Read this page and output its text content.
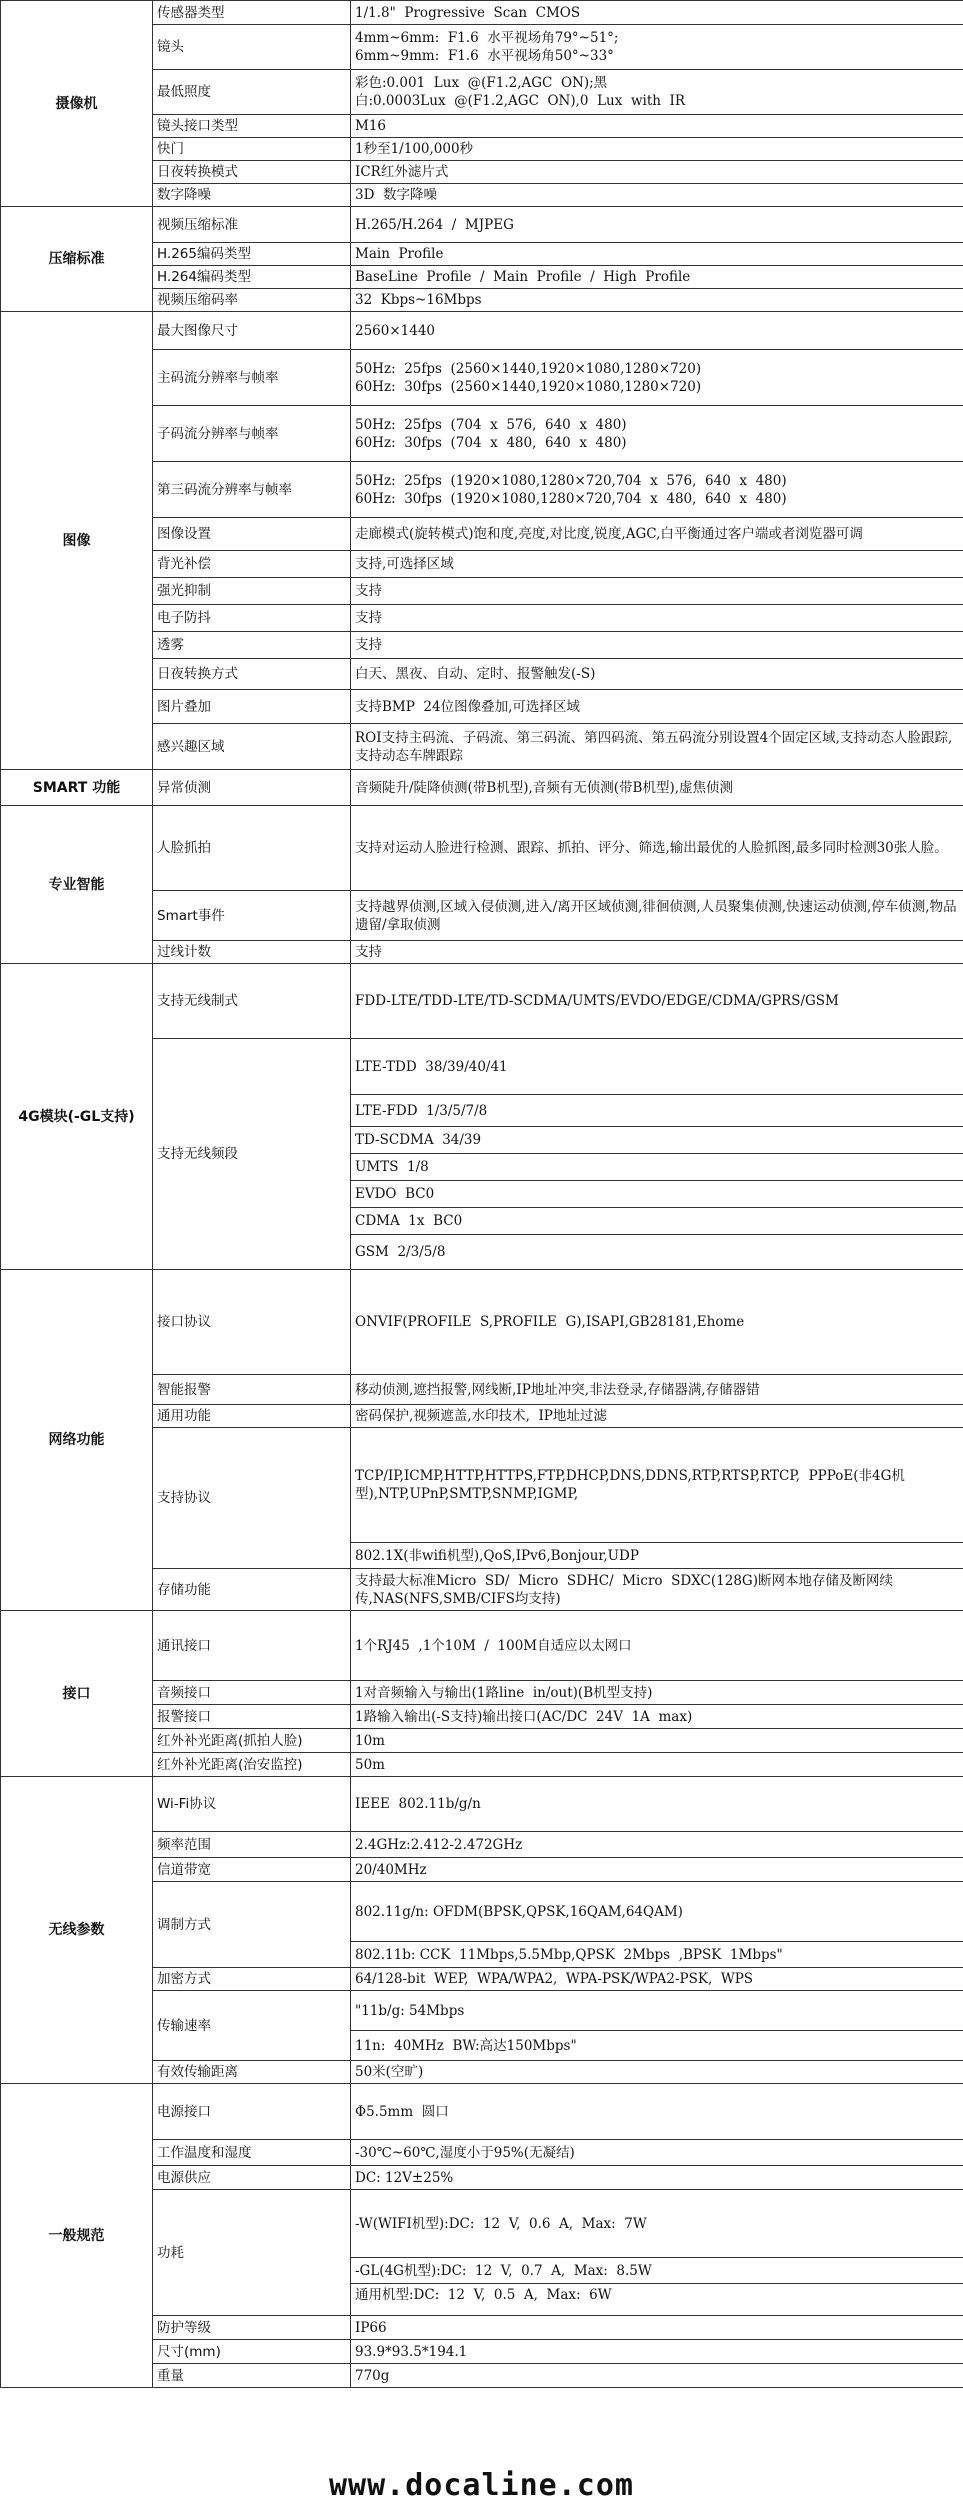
摄像机	传感器类型	1/1.8"  Progressive  Scan  CMOS
	镜头	4mm~6mm:  F1.6  水平视场角79°~51°;
6mm~9mm:  F1.6  水平视场角50°~33°
	最低照度	彩色:0.001  Lux  @(F1.2,AGC  ON);黑
白:0.0003Lux  @(F1.2,AGC  ON),0  Lux  with  IR
	镜头接口类型	M16
	快门	1秒至1/100,000秒
	日夜转换模式	ICR红外滤片式
	数字降噪	3D  数字降噪
压缩标准	视频压缩标准	H.265/H.264  /  MJPEG
	H.265编码类型	Main  Profile
	H.264编码类型	BaseLine  Profile  /  Main  Profile  /  High  Profile
	视频压缩码率	32  Kbps~16Mbps
图像	最大图像尺寸	2560×1440
	主码流分辨率与帧率	50Hz:  25fps  (2560×1440,1920×1080,1280×720)
60Hz:  30fps  (2560×1440,1920×1080,1280×720)
	子码流分辨率与帧率	50Hz:  25fps  (704  x  576,  640  x  480)
60Hz:  30fps  (704  x  480,  640  x  480)
	第三码流分辨率与帧率	50Hz:  25fps  (1920×1080,1280×720,704  x  576,  640  x  480)
60Hz:  30fps  (1920×1080,1280×720,704  x  480,  640  x  480)
	图像设置	走廊模式(旋转模式)饱和度,亮度,对比度,锐度,AGC,白平衡通过客户端或者浏览器可调
	背光补偿	支持,可选择区域
	强光抑制	支持
	电子防抖	支持
	透雾	支持
	日夜转换方式	白天、黑夜、自动、定时、报警触发(-S)
	图片叠加	支持BMP  24位图像叠加,可选择区域
	感兴趣区域	ROI支持主码流、子码流、第三码流、第四码流、第五码流分别设置4个固定区域,支持动态人脸跟踪,支持动态车牌跟踪
SMART 功能	异常侦测	音频陡升/陡降侦测(带B机型),音频有无侦测(带B机型),虚焦侦测
专业智能	人脸抓拍	支持对运动人脸进行检测、跟踪、抓拍、评分、筛选,输出最优的人脸抓图,最多同时检测30张人脸。
	Smart事件	支持越界侦测,区域入侵侦测,进入/离开区域侦测,徘徊侦测,人员聚集侦测,快速运动侦测,停车侦测,物品遗留/拿取侦测
	过线计数	支持
4G模块(-GL支持)	支持无线制式	FDD-LTE/TDD-LTE/TD-SCDMA/UMTS/EVDO/EDGE/CDMA/GPRS/GSM
	支持无线频段	LTE-TDD  38/39/40/41
		LTE-FDD  1/3/5/7/8
		TD-SCDMA  34/39
		UMTS  1/8
		EVDO  BC0
		CDMA  1x  BC0
		GSM  2/3/5/8
网络功能	接口协议	ONVIF(PROFILE  S,PROFILE  G),ISAPI,GB28181,Ehome
	智能报警	移动侦测,遮挡报警,网线断,IP地址冲突,非法登录,存储器满,存储器错
	通用功能	密码保护,视频遮盖,水印技术,  IP地址过滤
	支持协议	TCP/IP,ICMP,HTTP,HTTPS,FTP,DHCP,DNS,DDNS,RTP,RTSP,RTCP,  PPPoE(非4G机型),NTP,UPnP,SMTP,SNMP,IGMP,
		802.1X(非wifi机型),QoS,IPv6,Bonjour,UDP
	存储功能	支持最大标准Micro  SD/  Micro  SDHC/  Micro  SDXC(128G)断网本地存储及断网续传,NAS(NFS,SMB/CIFS均支持)
接口	通讯接口	1个RJ45  ,1个10M  /  100M自适应以太网口
	音频接口	1对音频输入与输出(1路line  in/out)(B机型支持)
	报警接口	1路输入输出(-S支持)输出接口(AC/DC  24V  1A  max)
	红外补光距离(抓拍人脸)	10m
	红外补光距离(治安监控)	50m
无线参数	Wi-Fi协议	IEEE  802.11b/g/n
	频率范围	2.4GHz:2.412-2.472GHz
	信道带宽	20/40MHz
	调制方式	802.11g/n: OFDM(BPSK,QPSK,16QAM,64QAM)
		802.11b: CCK  11Mbps,5.5Mbp,QPSK  2Mbps  ,BPSK  1Mbps"
	加密方式	64/128-bit  WEP,  WPA/WPA2,  WPA-PSK/WPA2-PSK,  WPS
	传输速率	"11b/g: 54Mbps
		11n:  40MHz  BW:高达150Mbps"
	有效传输距离	50米(空旷)
一般规范	电源接口	Φ5.5mm  圆口
	工作温度和湿度	-30℃~60℃,湿度小于95%(无凝结)
	电源供应	DC: 12V±25%
	功耗	-W(WIFI机型):DC:  12  V,  0.6  A,  Max:  7W
		-GL(4G机型):DC:  12  V,  0.7  A,  Max:  8.5W
		通用机型:DC:  12  V,  0.5  A,  Max:  6W
	防护等级	IP66
	尺寸(mm)	93.9*93.5*194.1
	重量	770g
www.docaline.com
